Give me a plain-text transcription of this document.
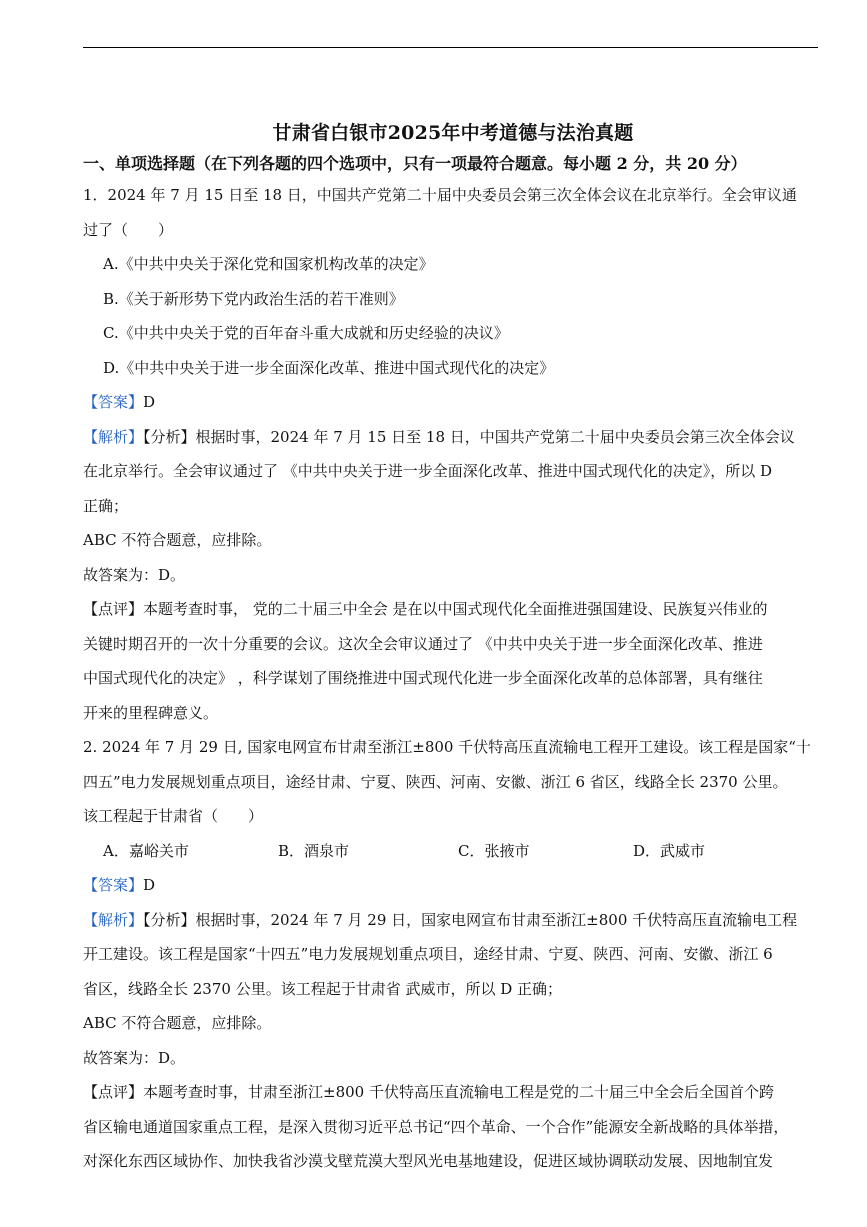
甘肃省白银市2025年中考道德与法治真题
一、单项选择题（在下列各题的四个选项中，只有一项最符合题意。每小题 2 分，共 20 分）

1．2024 年 7 月 15 日至 18 日，中国共产党第二十届中央委员会第三次全体会议在北京举行。全会审议通

过了（　　）

A.《中共中央关于深化党和国家机构改革的决定》

B.《关于新形势下党内政治生活的若干准则》

C.《中共中央关于党的百年奋斗重大成就和历史经验的决议》

D.《中共中央关于进一步全面深化改革、推进中国式现代化的决定》

【答案】D

【解析】【分析】根据时事，2024 年 7 月 15 日至 18 日，中国共产党第二十届中央委员会第三次全体会议

在北京举行。全会审议通过了 《中共中央关于进一步全面深化改革、推进中国式现代化的决定》，所以 D

正确；

ABC 不符合题意，应排除。

故答案为：D。

【点评】本题考查时事， 党的二十届三中全会 是在以中国式现代化全面推进强国建设、民族复兴伟业的

关键时期召开的一次十分重要的会议。这次全会审议通过了 《中共中央关于进一步全面深化改革、推进

中国式现代化的决定》 ，科学谋划了围绕推进中国式现代化进一步全面深化改革的总体部署，具有继往

开来的里程碑意义。

2. 2024 年 7 月 29 日, 国家电网宣布甘肃至浙江±800 千伏特高压直流输电工程开工建设。该工程是国家“十

四五”电力发展规划重点项目，途经甘肃、宁夏、陕西、河南、安徽、浙江 6 省区，线路全长 2370 公里。

该工程起于甘肃省（　　）

A．嘉峪关市	B．酒泉市	C．张掖市	D．武威市

【答案】D

【解析】【分析】根据时事，2024 年 7 月 29 日，国家电网宣布甘肃至浙江±800 千伏特高压直流输电工程

开工建设。该工程是国家“十四五”电力发展规划重点项目，途经甘肃、宁夏、陕西、河南、安徽、浙江 6

省区，线路全长 2370 公里。该工程起于甘肃省 武威市，所以 D 正确；

ABC 不符合题意，应排除。

故答案为：D。

【点评】本题考查时事，甘肃至浙江±800 千伏特高压直流输电工程是党的二十届三中全会后全国首个跨

省区输电通道国家重点工程，是深入贯彻习近平总书记“四个革命、一个合作”能源安全新战略的具体举措，

对深化东西区域协作、加快我省沙漠戈壁荒漠大型风光电基地建设，促进区域协调联动发展、因地制宜发
